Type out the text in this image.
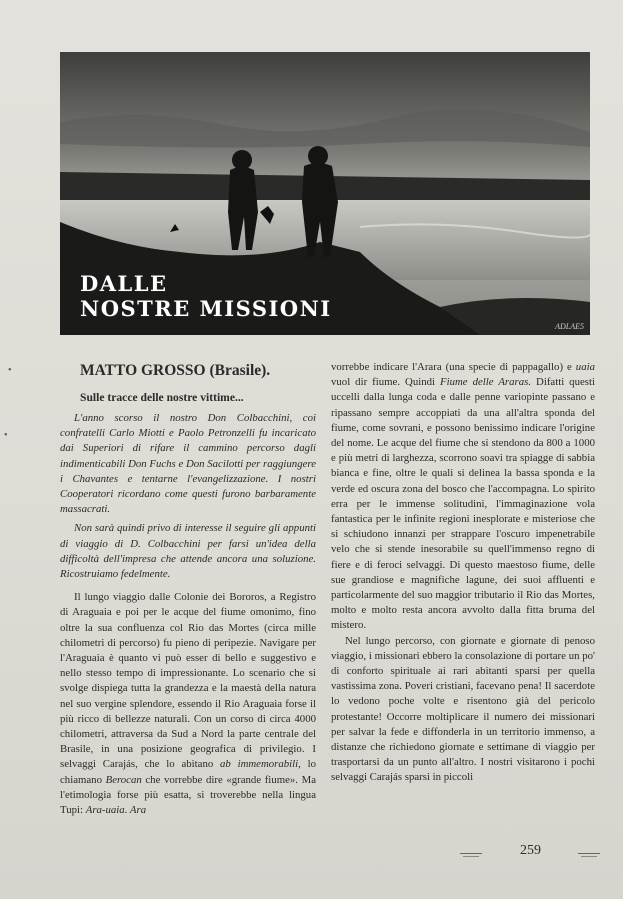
DALLE
NOSTRE MISSIONI
ADLAE5
•
•
MATTO GROSSO (Brasile).
Sulle tracce delle nostre vittime...

L'anno scorso il nostro Don Colbacchini, coi confratelli Carlo Miotti e Paolo Petronzelli fu incaricato dai Superiori di rifare il cammino percorso dagli indimenticabili Don Fuchs e Don Sacilotti per raggiungere i Chavantes e tentarne l'evangelizzazione. I nostri Cooperatori ricordano come questi furono barbaramente massacrati.

Non sarà quindi privo di interesse il seguire gli appunti di viaggio di D. Colbacchini per farsi un'idea della difficoltà dell'impresa che attende ancora una soluzione. Ricostruiamo fedelmente.

Il lungo viaggio dalle Colonie dei Bororos, a Registro di Araguaia e poi per le acque del fiume omonimo, fino oltre la sua confluenza col Rio das Mortes (circa mille chilometri di percorso) fu pieno di peripezie. Navigare per l'Araguaia è quanto vi può esser di bello e suggestivo e nello stesso tempo di impressionante. Lo scenario che si svolge dispiega tutta la grandezza e la maestà della natura nel suo vergine splendore, essendo il Rio Araguaia forse il più ricco di bellezze naturali. Con un corso di circa 4000 chilometri, attraversa da Sud a Nord la parte centrale del Brasile, in una posizione geografica di privilegio. I selvaggi Carajás, che lo abitano ab immemorabili, lo chiamano Berocan che vorrebbe dire «grande fiume». Ma l'etimologia forse più esatta, si troverebbe nella lingua Tupi: Ara-uaia. Ara

vorrebbe indicare l'Arara (una specie di pappagallo) e uaia vuol dir fiume. Quindi Fiume delle Araras. Difatti questi uccelli dalla lunga coda e dalle penne variopinte passano e ripassano sempre accoppiati da una all'altra sponda del fiume, come sovrani, e possono benissimo indicare l'origine del nome. Le acque del fiume che si stendono da 800 a 1000 e più metri di larghezza, scorrono soavi tra spiagge di sabbia bianca e fine, oltre le quali si delinea la bassa sponda e la verde ed oscura zona del bosco che l'accompagna. Lo spirito erra per le immense solitudini, l'immaginazione vola fantastica per le infinite regioni inesplorate e misteriose che si schiudono innanzi per strappare l'oscuro impenetrabile velo che si stende inesorabile su quell'immenso regno di fiere e di feroci selvaggi. Di questo maestoso fiume, delle sue grandiose e magnifiche lagune, dei suoi affluenti e particolarmente del suo maggior tributario il Rio das Mortes, molto e molto resta ancora avvolto dalla fitta bruma del mistero.

Nel lungo percorso, con giornate e giornate di penoso viaggio, i missionari ebbero la consolazione di portare un po' di conforto spirituale ai rari abitanti sparsi per quella vastissima zona. Poveri cristiani, facevano pena! Il sacerdote lo vedono poche volte e risentono già del pericolo protestante! Occorre moltiplicare il numero dei missionari per salvar la fede e diffonderla in un territorio immenso, a distanze che richiedono giornate e settimane di viaggio per trasportarsi da un punto all'altro. I nostri visitarono i pochi selvaggi Carajás sparsi in piccoli

259
